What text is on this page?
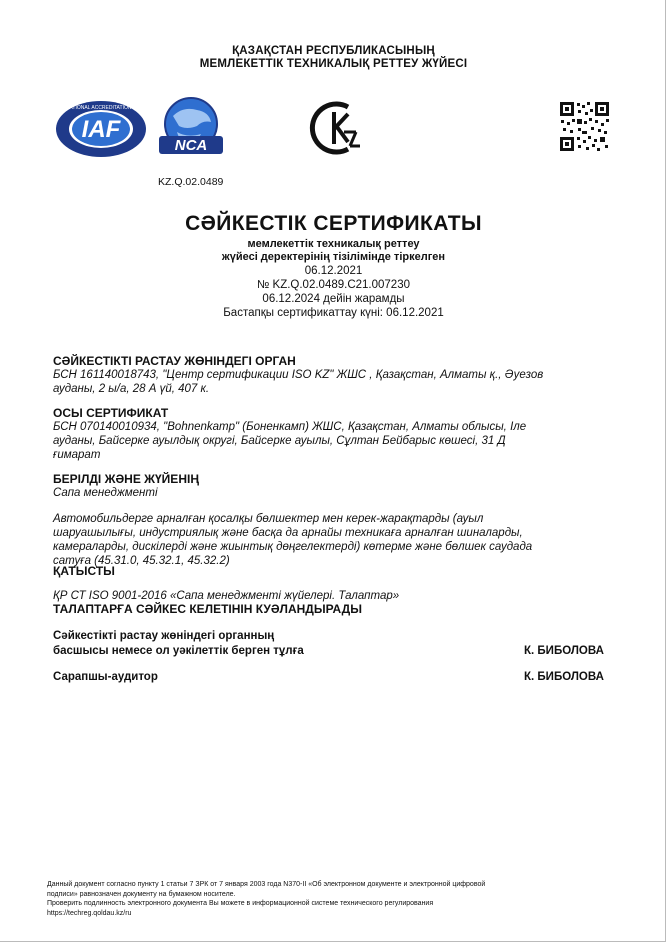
ҚАЗАҚСТАН РЕСПУБЛИКАСЫНЫҢ
МЕМЛЕКЕТТІК ТЕХНИКАЛЫҚ РЕТТЕУ ЖҮЙЕСІ
IAF
INTERNATIONAL ACCREDITATION FORUM
NCA
KZ.Q.02.0489
СӘЙКЕСТІК СЕРТИФИКАТЫ
мемлекеттік техникалық реттеу
жүйесі деректерінің тізілімінде тіркелген
06.12.2021
№ KZ.Q.02.0489.C21.007230
06.12.2024 дейін жарамды
Бастапқы сертификаттау күні: 06.12.2021
СӘЙКЕСТІКТІ РАСТАУ ЖӨНІНДЕГІ ОРГАН
БСН 161140018743, "Центр сертификации ISO KZ" ЖШС , Қазақстан, Алматы қ., Әуезов
ауданы, 2 ы/а, 28 А үй, 407 к.
ОСЫ СЕРТИФИКАТ
БСН 070140010934, "Bohnenkamp" (Боненкамп) ЖШС, Қазақстан, Алматы облысы, Іле
ауданы, Байсерке ауылдық округі, Байсерке ауылы, Сұлтан Бейбарыс көшесі, 31 Д
ғимарат
БЕРІЛДІ ЖӘНЕ ЖҮЙЕНІҢ
Сапа менеджменті
Автомобильдерге арналған қосалқы бөлшектер мен керек-жарақтарды (ауыл
шаруашылығы, индустриялық және басқа да арнайы техникаға арналған шиналарды,
камераларды, дискілерді және жиынтық дөңгелектерді) көтерме және бөлшек саудада
сатуға (45.31.0, 45.32.1, 45.32.2)
ҚАТЫСТЫ
ҚР СТ ISO 9001-2016 «Сапа менеджменті жүйелері. Талаптар»
ТАЛАПТАРҒА СӘЙКЕС КЕЛЕТІНІН КУӘЛАНДЫРАДЫ
Сәйкестікті растау жөніндегі органның
басшысы немесе ол уәкілеттік берген тұлға	К. БИБОЛОВА
Сарапшы-аудитор	К. БИБОЛОВА
Данный документ согласно пункту 1 статьи 7 ЗРК от 7 января 2003 года N370-II «Об электронном документе и электронной цифровой
подписи» равнозначен документу на бумажном носителе.
Проверить подлинность электронного документа Вы можете в информационной системе технического регулирования
https://techreg.qoldau.kz/ru
